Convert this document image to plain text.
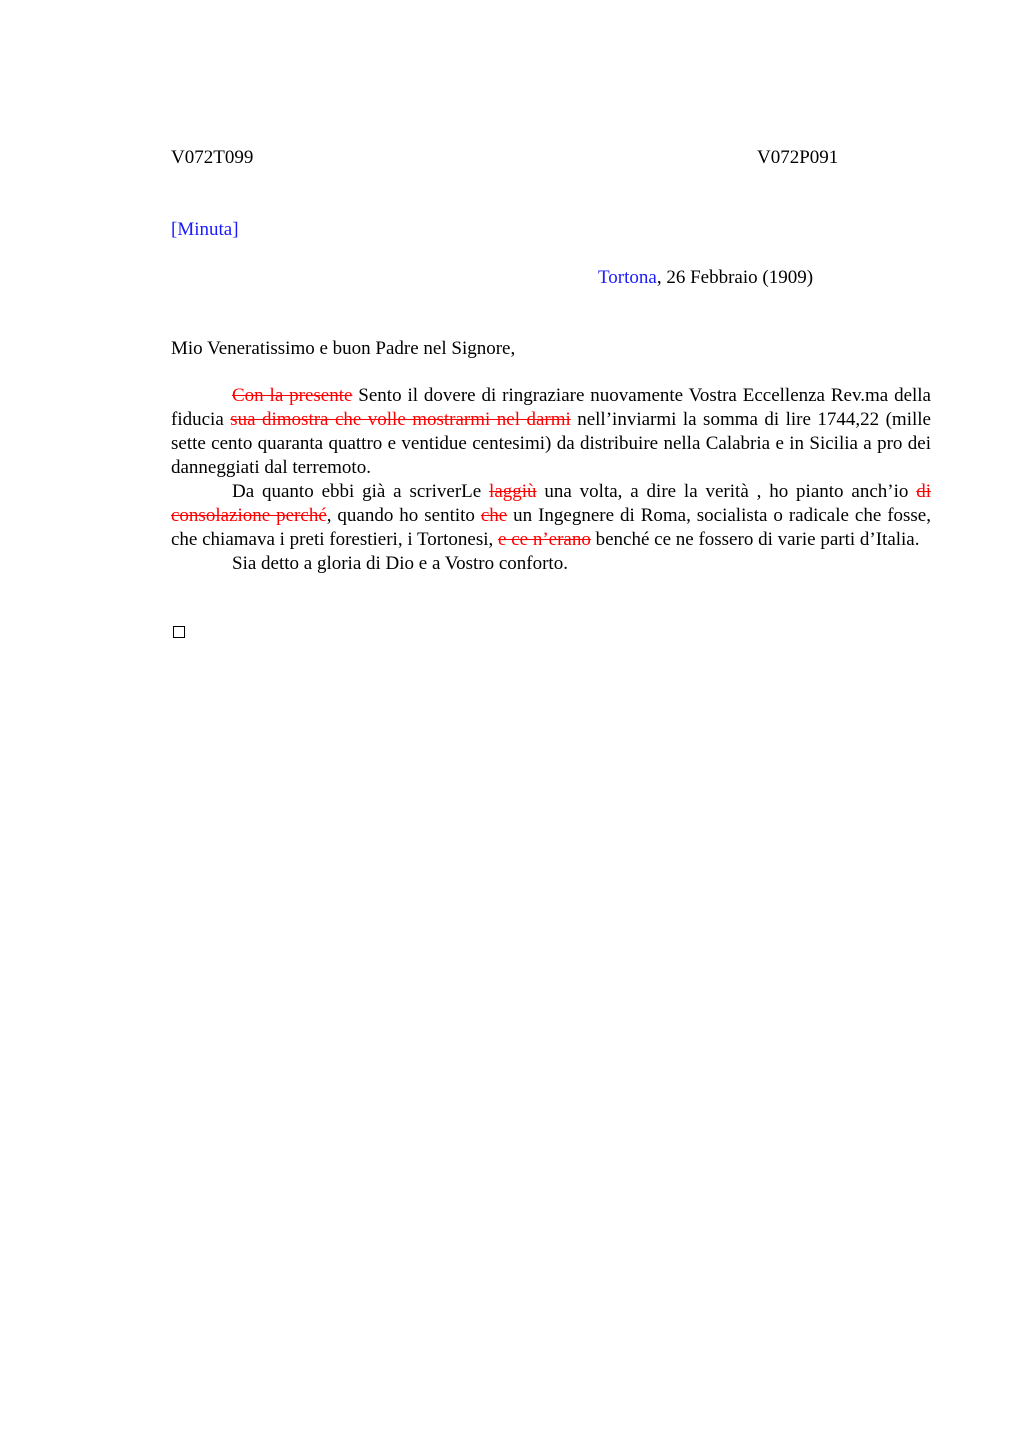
V072T099	V072P091
[Minuta]
Tortona, 26 Febbraio (1909)
Mio Veneratissimo e buon Padre nel Signore,

Con la presente Sento il dovere di ringraziare nuovamente Vostra Eccellenza Rev.ma della fiducia sua dimostra che volle mostrarmi nel darmi nell’inviarmi la somma di lire 1744,22 (mille sette cento quaranta quattro e ventidue centesimi) da distribuire nella Calabria e in Sicilia a pro dei danneggiati dal terremoto.

Da quanto ebbi già a scriverLe laggiù una volta, a dire la verità , ho pianto anch’io di consolazione perché, quando ho sentito che un Ingegnere di Roma, socialista o radicale che fosse, che chiamava i preti forestieri, i Tortonesi, e ce n’erano benché ce ne fossero di varie parti d’Italia.

Sia detto a gloria di Dio e a Vostro conforto.
